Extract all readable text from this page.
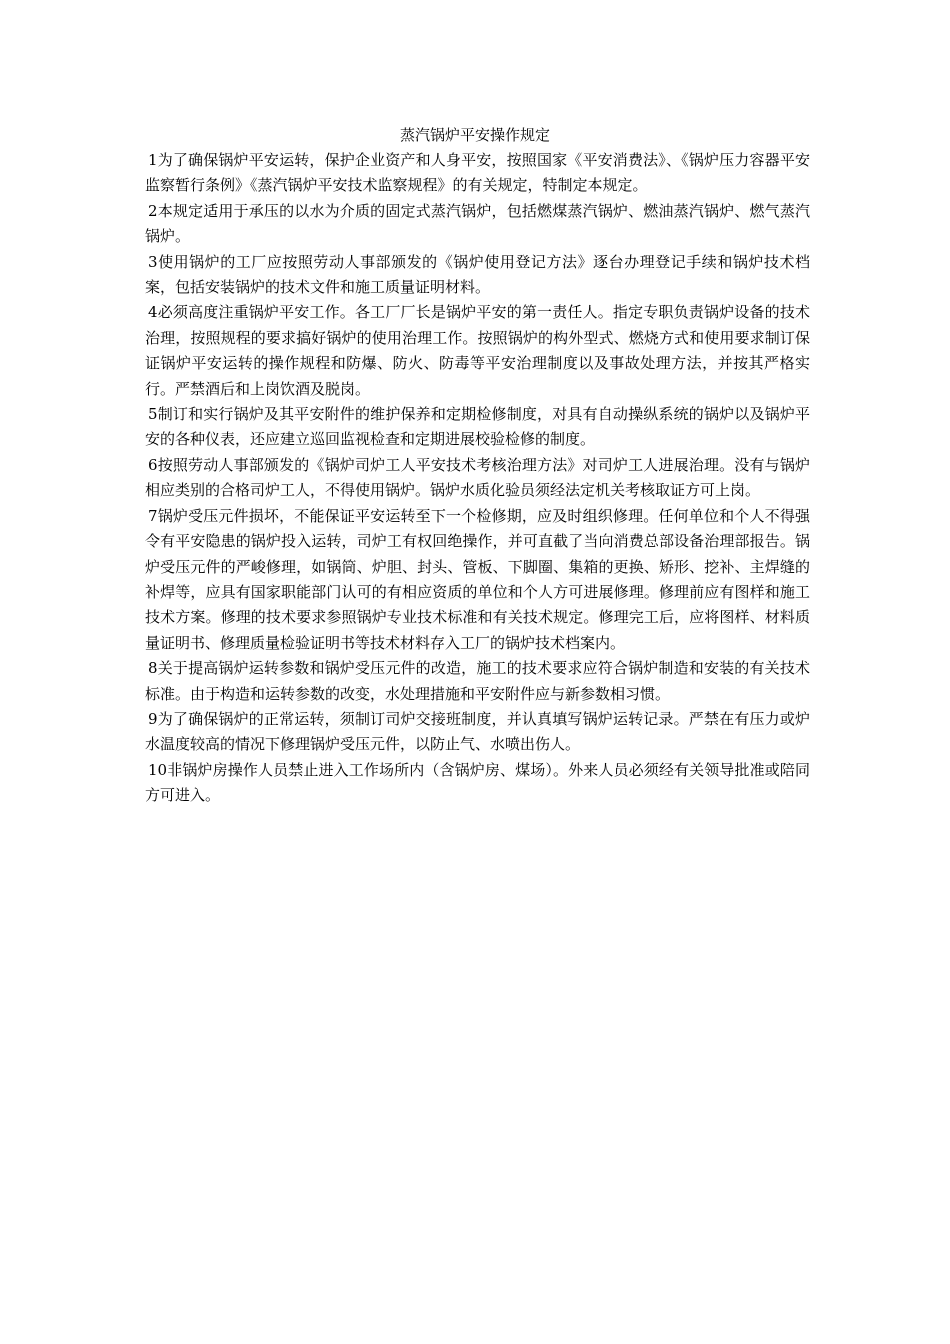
蒸汽锅炉平安操作规定

1为了确保锅炉平安运转，保护企业资产和人身平安，按照国家《平安消费法》、《锅炉压力容器平安监察暂行条例》《蒸汽锅炉平安技术监察规程》的有关规定，特制定本规定。

2本规定适用于承压的以水为介质的固定式蒸汽锅炉，包括燃煤蒸汽锅炉、燃油蒸汽锅炉、燃气蒸汽锅炉。

3使用锅炉的工厂应按照劳动人事部颁发的《锅炉使用登记方法》逐台办理登记手续和锅炉技术档案，包括安装锅炉的技术文件和施工质量证明材料。

4必须高度注重锅炉平安工作。各工厂厂长是锅炉平安的第一责任人。指定专职负责锅炉设备的技术治理，按照规程的要求搞好锅炉的使用治理工作。按照锅炉的构外型式、燃烧方式和使用要求制订保证锅炉平安运转的操作规程和防爆、防火、防毒等平安治理制度以及事故处理方法，并按其严格实行。严禁酒后和上岗饮酒及脱岗。

5制订和实行锅炉及其平安附件的维护保养和定期检修制度，对具有自动操纵系统的锅炉以及锅炉平安的各种仪表，还应建立巡回监视检查和定期进展校验检修的制度。

6按照劳动人事部颁发的《锅炉司炉工人平安技术考核治理方法》对司炉工人进展治理。没有与锅炉相应类别的合格司炉工人，不得使用锅炉。锅炉水质化验员须经法定机关考核取证方可上岗。

7锅炉受压元件损坏，不能保证平安运转至下一个检修期，应及时组织修理。任何单位和个人不得强令有平安隐患的锅炉投入运转，司炉工有权回绝操作，并可直截了当向消费总部设备治理部报告。锅炉受压元件的严峻修理，如锅筒、炉胆、封头、管板、下脚圈、集箱的更换、矫形、挖补、主焊缝的补焊等，应具有国家职能部门认可的有相应资质的单位和个人方可进展修理。修理前应有图样和施工技术方案。修理的技术要求参照锅炉专业技术标准和有关技术规定。修理完工后，应将图样、材料质量证明书、修理质量检验证明书等技术材料存入工厂的锅炉技术档案内。

8关于提高锅炉运转参数和锅炉受压元件的改造，施工的技术要求应符合锅炉制造和安装的有关技术标准。由于构造和运转参数的改变，水处理措施和平安附件应与新参数相习惯。

9为了确保锅炉的正常运转，须制订司炉交接班制度，并认真填写锅炉运转记录。严禁在有压力或炉水温度较高的情况下修理锅炉受压元件，以防止气、水喷出伤人。

10非锅炉房操作人员禁止进入工作场所内（含锅炉房、煤场）。外来人员必须经有关领导批准或陪同方可进入。
